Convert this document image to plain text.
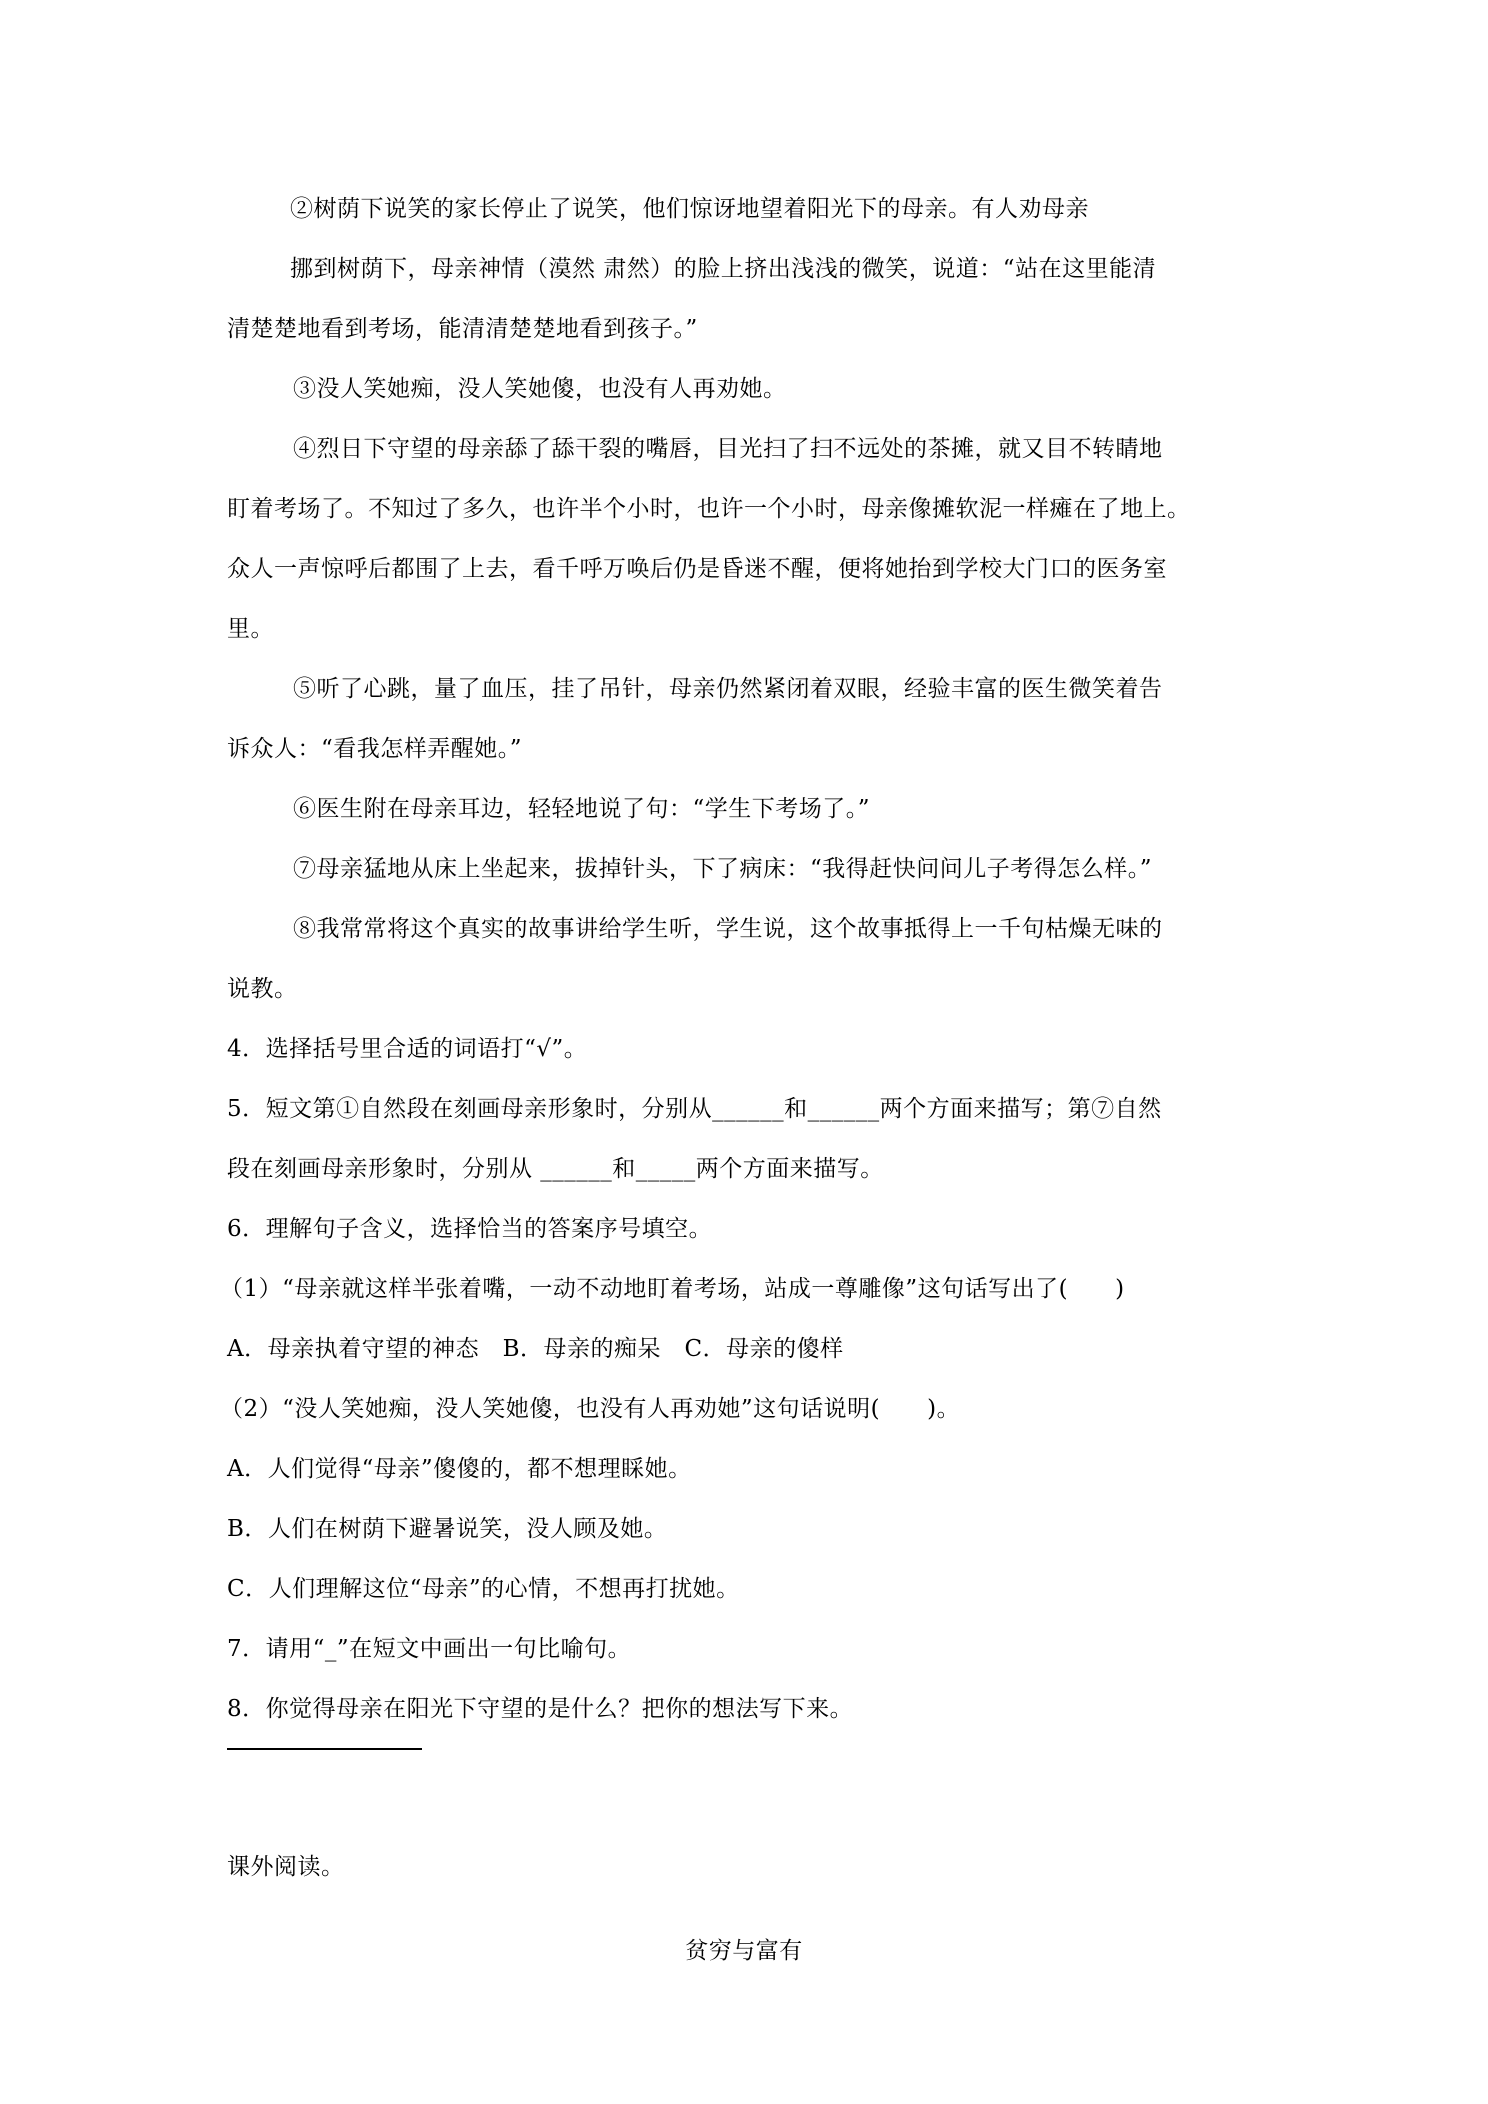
②树荫下说笑的家长停止了说笑，他们惊讶地望着阳光下的母亲。有人劝母亲
挪到树荫下，母亲神情（漠然 肃然）的脸上挤出浅浅的微笑，说道：“站在这里能清
清楚楚地看到考场，能清清楚楚地看到孩子。”
③没人笑她痴，没人笑她傻，也没有人再劝她。
④烈日下守望的母亲舔了舔干裂的嘴唇，目光扫了扫不远处的茶摊，就又目不转睛地
盯着考场了。不知过了多久，也许半个小时，也许一个小时，母亲像摊软泥一样瘫在了地上。
众人一声惊呼后都围了上去，看千呼万唤后仍是昏迷不醒，便将她抬到学校大门口的医务室
里。
⑤听了心跳，量了血压，挂了吊针，母亲仍然紧闭着双眼，经验丰富的医生微笑着告
诉众人：“看我怎样弄醒她。”
⑥医生附在母亲耳边，轻轻地说了句：“学生下考场了。”
⑦母亲猛地从床上坐起来，拔掉针头，下了病床：“我得赶快问问儿子考得怎么样。”
⑧我常常将这个真实的故事讲给学生听，学生说，这个故事抵得上一千句枯燥无味的
说教。
4．选择括号里合适的词语打“√”。
5．短文第①自然段在刻画母亲形象时，分别从______和______两个方面来描写；第⑦自然
段在刻画母亲形象时，分别从 ______和_____两个方面来描写。
6．理解句子含义，选择恰当的答案序号填空。
（1）“母亲就这样半张着嘴，一动不动地盯着考场，站成一尊雕像”这句话写出了(　　)
A．母亲执着守望的神态　B．母亲的痴呆　C．母亲的傻样
（2）“没人笑她痴，没人笑她傻，也没有人再劝她”这句话说明(　　)。
A．人们觉得“母亲”傻傻的，都不想理睬她。
B．人们在树荫下避暑说笑，没人顾及她。
C．人们理解这位“母亲”的心情，不想再打扰她。
7．请用“_”在短文中画出一句比喻句。
8．你觉得母亲在阳光下守望的是什么？把你的想法写下来。
课外阅读。
贫穷与富有
